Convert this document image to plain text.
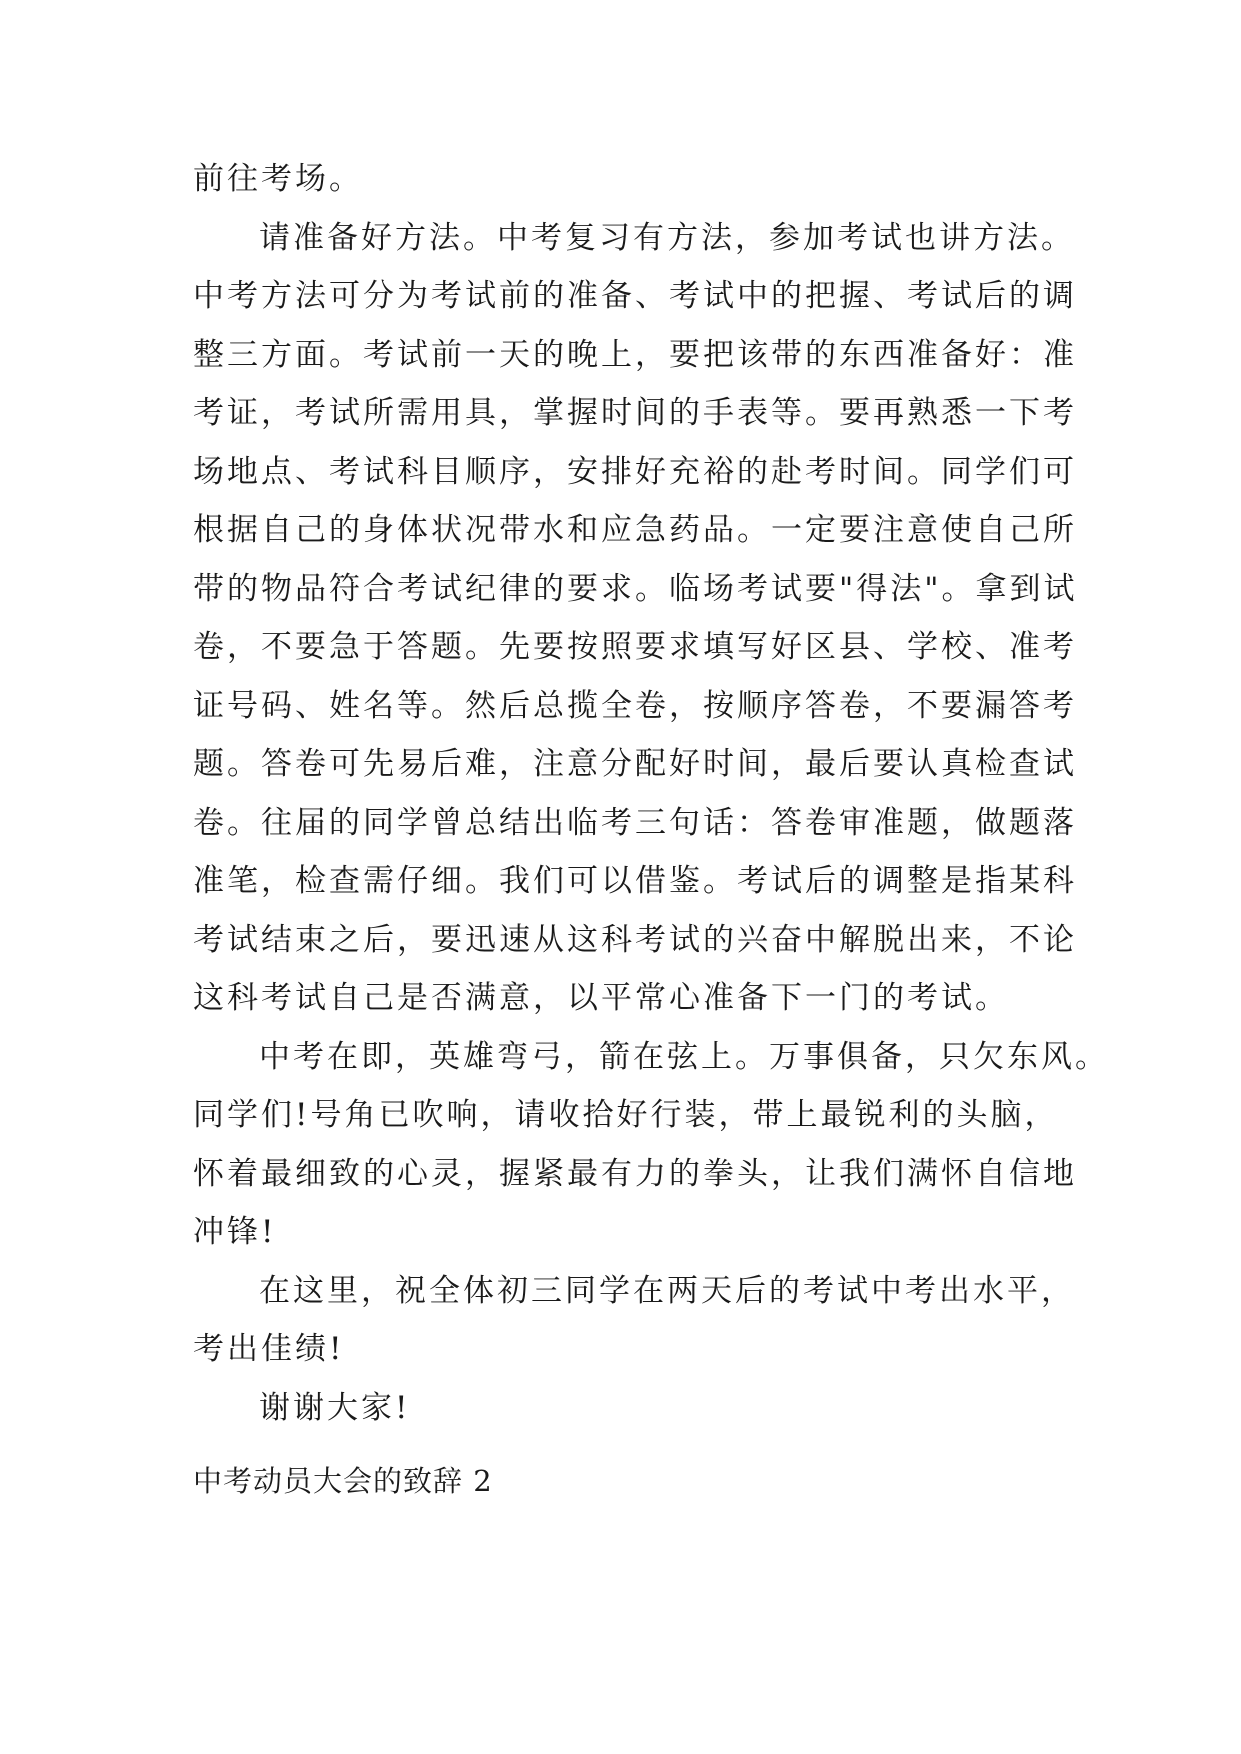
前往考场。
请准备好方法。中考复习有方法，参加考试也讲方法。
中考方法可分为考试前的准备、考试中的把握、考试后的调
整三方面。考试前一天的晚上，要把该带的东西准备好：准
考证，考试所需用具，掌握时间的手表等。要再熟悉一下考
场地点、考试科目顺序，安排好充裕的赴考时间。同学们可
根据自己的身体状况带水和应急药品。一定要注意使自己所
带的物品符合考试纪律的要求。临场考试要"得法"。拿到试
卷，不要急于答题。先要按照要求填写好区县、学校、准考
证号码、姓名等。然后总揽全卷，按顺序答卷，不要漏答考
题。答卷可先易后难，注意分配好时间，最后要认真检查试
卷。往届的同学曾总结出临考三句话：答卷审准题，做题落
准笔，检查需仔细。我们可以借鉴。考试后的调整是指某科
考试结束之后，要迅速从这科考试的兴奋中解脱出来，不论
这科考试自己是否满意，以平常心准备下一门的考试。
中考在即，英雄弯弓，箭在弦上。万事俱备，只欠东风。
同学们!号角已吹响，请收拾好行装，带上最锐利的头脑，
怀着最细致的心灵，握紧最有力的拳头，让我们满怀自信地
冲锋!
在这里，祝全体初三同学在两天后的考试中考出水平，
考出佳绩!
谢谢大家!
中考动员大会的致辞 2
